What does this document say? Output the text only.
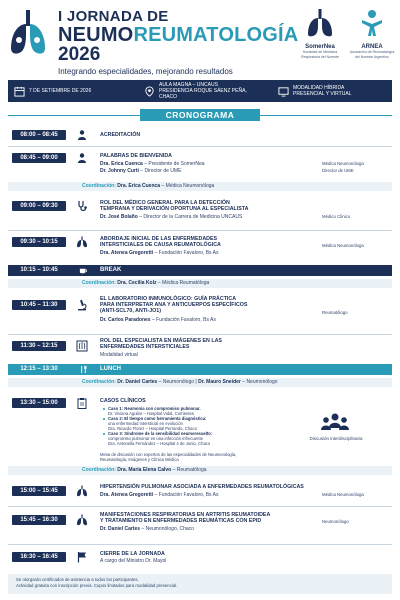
I JORNADA DE
NEUMOREUMATOLOGÍA
2026
Integrando especialidades, mejorando resultados
SomerNea
Sociedad de Medicina Respiratoria del Noreste
ARNEA
Asociación de Reumatología del Noreste Argentino
7 DE SETIEMBRE DE 2026
AULA MAGNA – UNCAUS
PRESIDENCIA ROQUE SÁENZ PEÑA, CHACO
MODALIDAD HÍBRIDA
PRESENCIAL Y VIRTUAL
CRONOGRAMA
08:00 – 08:45	ACREDITACIÓN
08:45 – 09:00	PALABRAS DE BIENVENIDA
Dra. Erica Cuenca – Presidente de SomerNea	Médica Neumonóloga
Dr. Johnny Curti – Director de UME	Director de UME
Coordinación: Dra. Erica Cuenca – Médica Neumonóloga
09:00 – 09:30	ROL DEL MÉDICO GENERAL PARA LA DETECCIÓN
TEMPRANA Y DERIVACIÓN OPORTUNA AL ESPECIALISTA
Dr. José Bolaño – Director de la Carrera de Medicina UNCAUS	Médico Clínico
09:30 – 10:15	ABORDAJE INICIAL DE LAS ENFERMEDADES
INTERSTICIALES DE CAUSA REUMATOLÓGICA
Dra. Atenea Gregoretti – Fundación Favaloro, Bs As
Médica Neumonóloga
10:15 – 10:45	BREAK
Coordinación: Dra. Cecilia Kolz – Médica Reumatóloga
10:45 – 11:30
EL LABORATORIO INMUNOLÓGICO: GUÍA PRÁCTICA
PARA INTERPRETAR ANA Y ANTICUERPOS ESPECÍFICOS
(ANTI-SCL70, ANTI-JO1)
Dr. Carlos Paradones – Fundación Favaloro, Bs As
Reumatólogo
11:30 – 12:15
ROL DEL ESPECIALISTA EN IMÁGENES EN LAS
ENFERMEDADES INTERSTICIALES
Modalidad virtual
12:15 – 13:30	LUNCH
Coordinación: Dr. Daniel Cartes – Neumonólogo | Dr. Mauro Sneider – Neumonólogo
13:30 – 15:00	CASOS CLÍNICOS
Caso 1: Neumonía con compromiso pulmonar.
Dr. Viviana Aguilar – Hospital Vidal, Corrientes
Caso 2: El tiempo como herramienta diagnóstica:
una enfermedad intersticial en evolución
Dra. Ricardo Florez – Hospital Perrando, Chaco
Caso 3: Síndrome de la sensibilidad neumoresuelto:
compromiso pulmonar en una infección infrecuente
Dra. Antonella Fernández – Hospital 4 de Junio, Chaco
Discusión interdisciplinaria
Mesa de discusión con expertos de las especialidades de Neumonología,
Reumatología, Imágenes y Clínica Médica
Coordinación: Dra. María Elena Calvo – Reumatóloga
15:00 – 15:45
HIPERTENSIÓN PULMONAR ASOCIADA A ENFERMEDADES REUMATOLÓGICAS
Dra. Atenea Gregoretti – Fundación Favaloro, Bs As	Médica Neumonóloga
15:45 – 16:30
MANIFESTACIONES RESPIRATORIAS EN ARTRITIS REUMATOIDEA
Y TRATAMIENTO EN ENFERMEDADES REUMÁTICAS CON EPID
Dr. Daniel Cartes – Neumonólogo, Chaco
Neumonólogo
16:30 – 16:45	CIERRE DE LA JORNADA
A cargo del Ministro Dr. Mayol
Se otorgarán certificados de asistencia a todos los participantes.
Actividad gratuita con inscripción previa. Cupos limitados para modalidad presencial.
